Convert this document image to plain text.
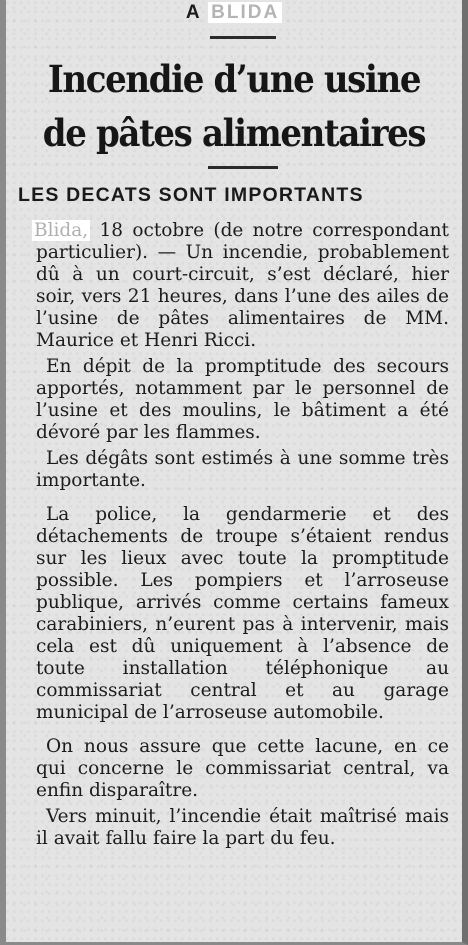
A BLIDA
Incendie d’une usine de pâtes alimentaires
LES DECATS SONT IMPORTANTS

Blida, 18 octobre (de notre correspondant particulier). — Un incendie, probablement dû à un court-circuit, s’est déclaré, hier soir, vers 21 heures, dans l’une des ailes de l’usine de pâtes alimentaires de MM. Maurice et Henri Ricci.

En dépit de la promptitude des secours apportés, notamment par le personnel de l’usine et des moulins, le bâtiment a été dévoré par les flammes.

Les dégâts sont estimés à une somme très importante.

La police, la gendarmerie et des détachements de troupe s’étaient rendus sur les lieux avec toute la promptitude possible. Les pompiers et l’arroseuse publique, arrivés comme certains fameux carabiniers, n’eurent pas à intervenir, mais cela est dû uniquement à l’absence de toute installation téléphonique au commissariat central et au garage municipal de l’arroseuse automobile.

On nous assure que cette lacune, en ce qui concerne le commissariat central, va enfin disparaître.

Vers minuit, l’incendie était maîtrisé mais il avait fallu faire la part du feu.
